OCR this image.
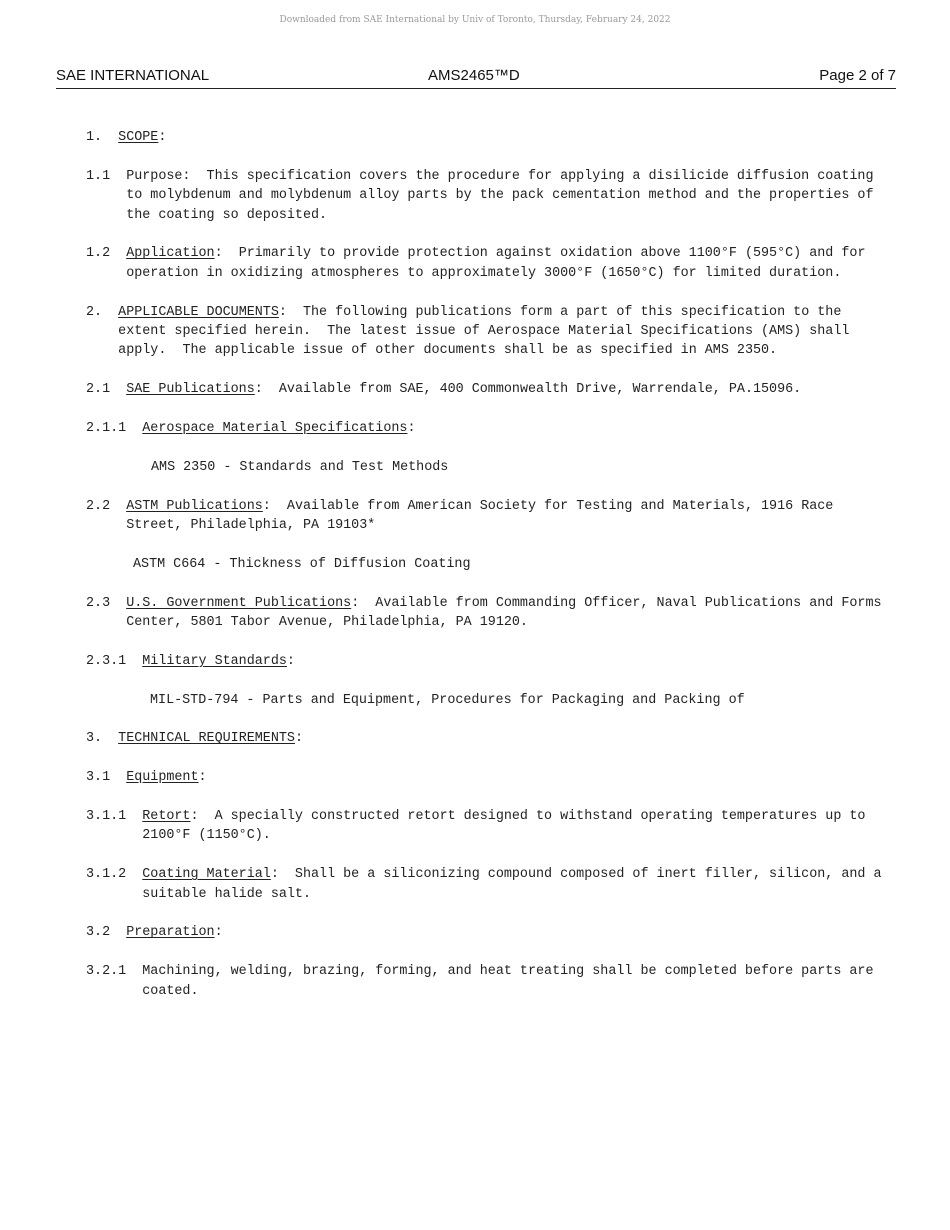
Downloaded from SAE International by Univ of Toronto, Thursday, February 24, 2022
SAE INTERNATIONAL	AMS2465™D	Page 2 of 7
1. SCOPE:
1.1 Purpose:  This specification covers the procedure for applying a disilicide diffusion coating to molybdenum and molybdenum alloy parts by the pack cementation method and the properties of the coating so deposited.
1.2 Application:  Primarily to provide protection against oxidation above 1100°F (595°C) and for operation in oxidizing atmospheres to approximately 3000°F (1650°C) for limited duration.
2. APPLICABLE DOCUMENTS:  The following publications form a part of this specification to the extent specified herein.  The latest issue of Aerospace Material Specifications (AMS) shall apply.  The applicable issue of other documents shall be as specified in AMS 2350.
2.1 SAE Publications:  Available from SAE, 400 Commonwealth Drive, Warrendale, PA.15096.
2.1.1 Aerospace Material Specifications:
AMS 2350 - Standards and Test Methods
2.2 ASTM Publications:  Available from American Society for Testing and Materials, 1916 Race Street, Philadelphia, PA 19103*
ASTM C664 - Thickness of Diffusion Coating
2.3 U.S. Government Publications:  Available from Commanding Officer, Naval Publications and Forms Center, 5801 Tabor Avenue, Philadelphia, PA 19120.
2.3.1 Military Standards:
MIL-STD-794 - Parts and Equipment, Procedures for Packaging and Packing of
3. TECHNICAL REQUIREMENTS:
3.1 Equipment:
3.1.1 Retort:  A specially constructed retort designed to withstand operating temperatures up to 2100°F (1150°C).
3.1.2 Coating Material:  Shall be a siliconizing compound composed of inert filler, silicon, and a suitable halide salt.
3.2 Preparation:
3.2.1 Machining, welding, brazing, forming, and heat treating shall be completed before parts are coated.
